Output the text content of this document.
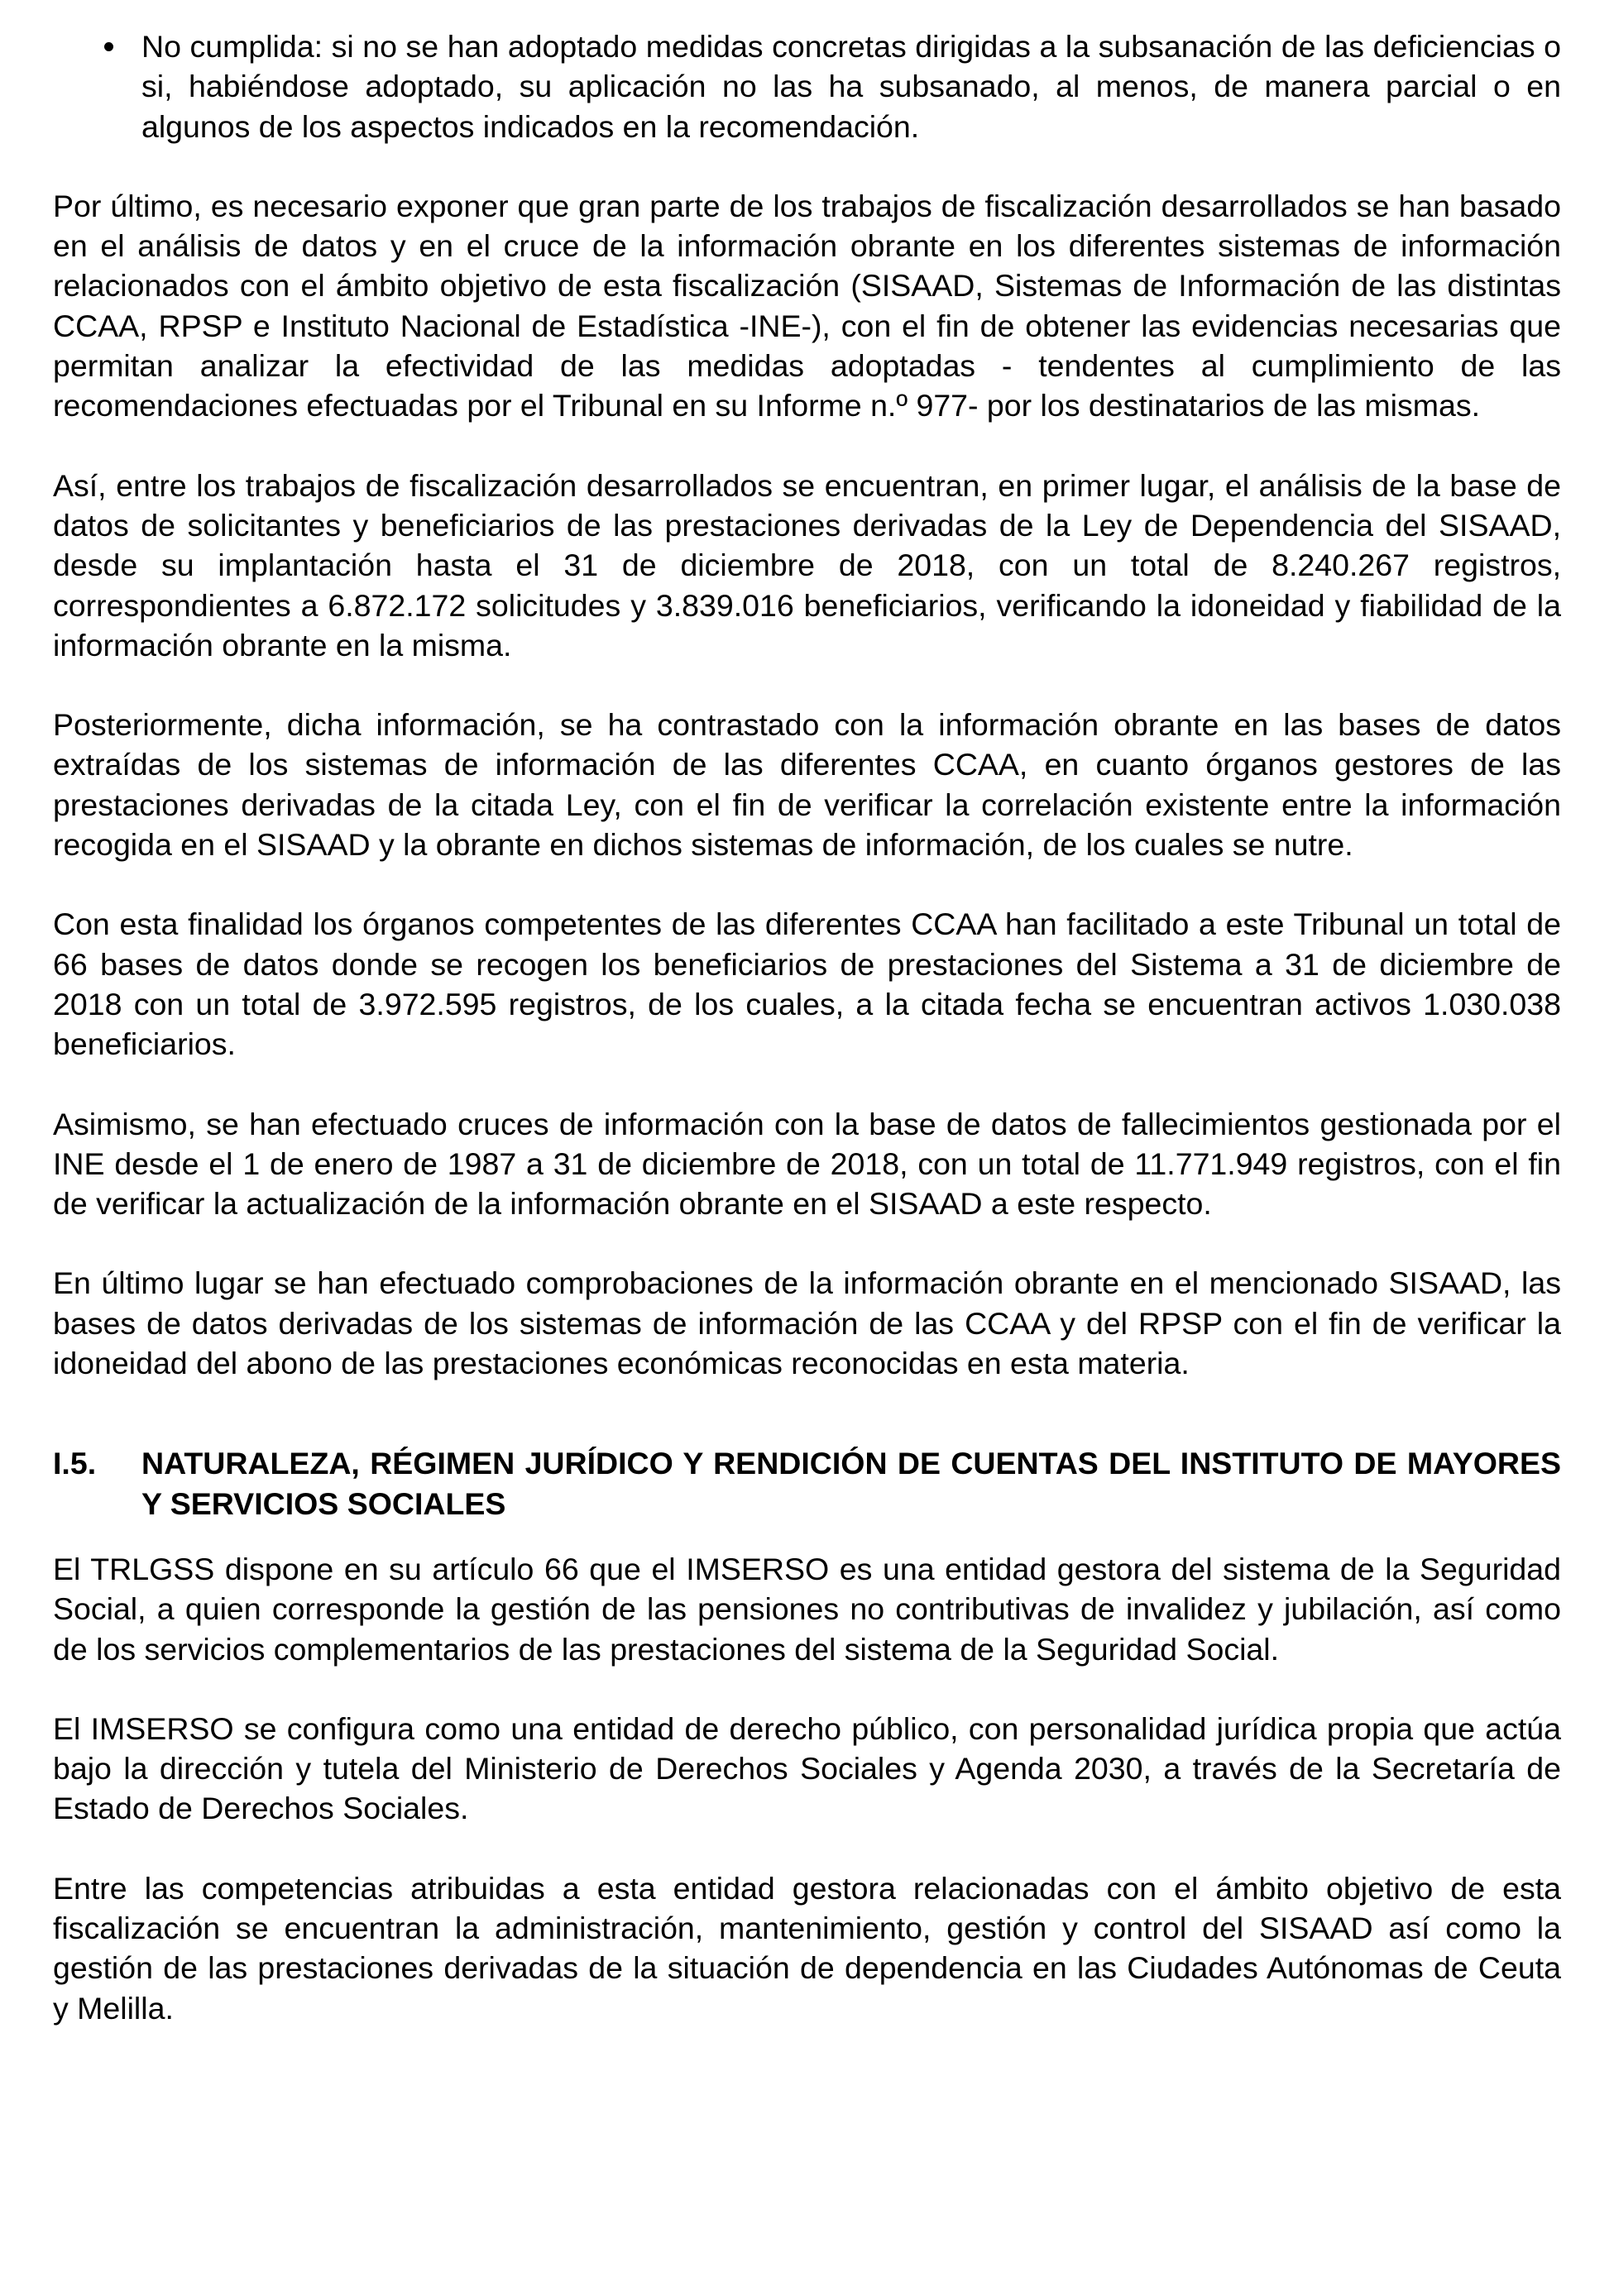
No cumplida: si no se han adoptado medidas concretas dirigidas a la subsanación de las deficiencias o si, habiéndose adoptado, su aplicación no las ha subsanado, al menos, de manera parcial o en algunos de los aspectos indicados en la recomendación.

Por último, es necesario exponer que gran parte de los trabajos de fiscalización desarrollados se han basado en el análisis de datos y en el cruce de la información obrante en los diferentes sistemas de información relacionados con el ámbito objetivo de esta fiscalización (SISAAD, Sistemas de Información de las distintas CCAA, RPSP e Instituto Nacional de Estadística -INE-), con el fin de obtener las evidencias necesarias que permitan analizar la efectividad de las medidas adoptadas - tendentes al cumplimiento de las recomendaciones efectuadas por el Tribunal en su Informe n.º 977- por los destinatarios de las mismas.

Así, entre los trabajos de fiscalización desarrollados se encuentran, en primer lugar, el análisis de la base de datos de solicitantes y beneficiarios de las prestaciones derivadas de la Ley de Dependencia del SISAAD, desde su implantación hasta el 31 de diciembre de 2018, con un total de 8.240.267 registros, correspondientes a 6.872.172 solicitudes y 3.839.016 beneficiarios, verificando la idoneidad y fiabilidad de la información obrante en la misma.

Posteriormente, dicha información, se ha contrastado con la información obrante en las bases de datos extraídas de los sistemas de información de las diferentes CCAA, en cuanto órganos gestores de las prestaciones derivadas de la citada Ley, con el fin de verificar la correlación existente entre la información recogida en el SISAAD y la obrante en dichos sistemas de información, de los cuales se nutre.

Con esta finalidad los órganos competentes de las diferentes CCAA han facilitado a este Tribunal un total de 66 bases de datos donde se recogen los beneficiarios de prestaciones del Sistema a 31 de diciembre de 2018 con un total de 3.972.595 registros, de los cuales, a la citada fecha se encuentran activos 1.030.038 beneficiarios.

Asimismo, se han efectuado cruces de información con la base de datos de fallecimientos gestionada por el INE desde el 1 de enero de 1987 a 31 de diciembre de 2018, con un total de 11.771.949 registros, con el fin de verificar la actualización de la información obrante en el SISAAD a este respecto.

En último lugar se han efectuado comprobaciones de la información obrante en el mencionado SISAAD, las bases de datos derivadas de los sistemas de información de las CCAA y del RPSP con el fin de verificar la idoneidad del abono de las prestaciones económicas reconocidas en esta materia.

I.5. NATURALEZA, RÉGIMEN JURÍDICO Y RENDICIÓN DE CUENTAS DEL INSTITUTO DE MAYORES Y SERVICIOS SOCIALES

El TRLGSS dispone en su artículo 66 que el IMSERSO es una entidad gestora del sistema de la Seguridad Social, a quien corresponde la gestión de las pensiones no contributivas de invalidez y jubilación, así como de los servicios complementarios de las prestaciones del sistema de la Seguridad Social.

El IMSERSO se configura como una entidad de derecho público, con personalidad jurídica propia que actúa bajo la dirección y tutela del Ministerio de Derechos Sociales y Agenda 2030, a través de la Secretaría de Estado de Derechos Sociales.

Entre las competencias atribuidas a esta entidad gestora relacionadas con el ámbito objetivo de esta fiscalización se encuentran la administración, mantenimiento, gestión y control del SISAAD así como la gestión de las prestaciones derivadas de la situación de dependencia en las Ciudades Autónomas de Ceuta y Melilla.
